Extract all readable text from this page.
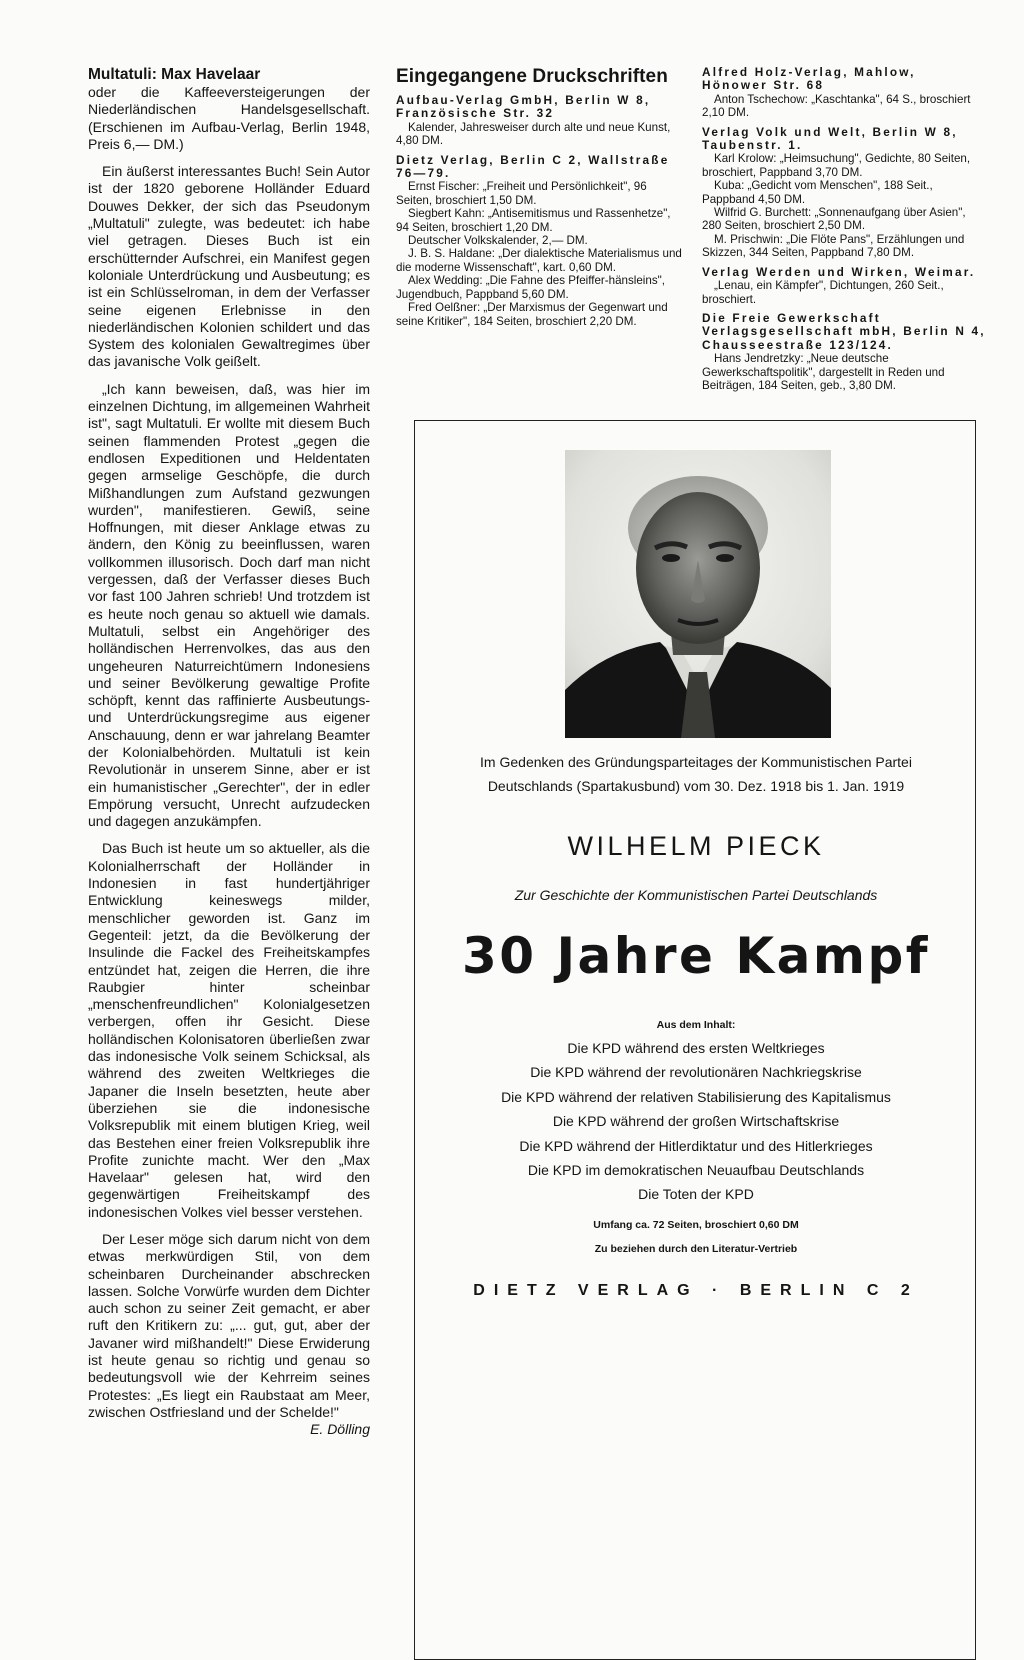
Multatuli: Max Havelaar

oder die Kaffeeversteigerungen der Niederländischen Handelsgesellschaft. (Erschienen im Aufbau-Verlag, Berlin 1948, Preis 6,— DM.)

Ein äußerst interessantes Buch! Sein Autor ist der 1820 geborene Holländer Eduard Douwes Dekker, der sich das Pseudonym „Multatuli" zulegte, was bedeutet: ich habe viel getragen. Dieses Buch ist ein erschütternder Aufschrei, ein Manifest gegen koloniale Unterdrückung und Ausbeutung; es ist ein Schlüsselroman, in dem der Verfasser seine eigenen Erlebnisse in den niederländischen Kolonien schildert und das System des kolonialen Gewaltregimes über das javanische Volk geißelt.

„Ich kann beweisen, daß, was hier im einzelnen Dichtung, im allgemeinen Wahrheit ist", sagt Multatuli. Er wollte mit diesem Buch seinen flammenden Protest „gegen die endlosen Expeditionen und Heldentaten gegen armselige Geschöpfe, die durch Mißhandlungen zum Aufstand gezwungen wurden", manifestieren. Gewiß, seine Hoffnungen, mit dieser Anklage etwas zu ändern, den König zu beeinflussen, waren vollkommen illusorisch. Doch darf man nicht vergessen, daß der Verfasser dieses Buch vor fast 100 Jahren schrieb! Und trotzdem ist es heute noch genau so aktuell wie damals. Multatuli, selbst ein Angehöriger des holländischen Herrenvolkes, das aus den ungeheuren Naturreichtümern Indonesiens und seiner Bevölkerung gewaltige Profite schöpft, kennt das raffinierte Ausbeutungs- und Unterdrückungsregime aus eigener Anschauung, denn er war jahrelang Beamter der Kolonialbehörden. Multatuli ist kein Revolutionär in unserem Sinne, aber er ist ein humanistischer „Gerechter", der in edler Empörung versucht, Unrecht aufzudecken und dagegen anzukämpfen.

Das Buch ist heute um so aktueller, als die Kolonialherrschaft der Holländer in Indonesien in fast hundertjähriger Entwicklung keineswegs milder, menschlicher geworden ist. Ganz im Gegenteil: jetzt, da die Bevölkerung der Insulinde die Fackel des Freiheitskampfes entzündet hat, zeigen die Herren, die ihre Raubgier hinter scheinbar „menschenfreundlichen" Kolonialgesetzen verbergen, offen ihr Gesicht. Diese holländischen Kolonisatoren überließen zwar das indonesische Volk seinem Schicksal, als während des zweiten Weltkrieges die Japaner die Inseln besetzten, heute aber überziehen sie die indonesische Volksrepublik mit einem blutigen Krieg, weil das Bestehen einer freien Volksrepublik ihre Profite zunichte macht. Wer den „Max Havelaar" gelesen hat, wird den gegenwärtigen Freiheitskampf des indonesischen Volkes viel besser verstehen.

Der Leser möge sich darum nicht von dem etwas merkwürdigen Stil, von dem scheinbaren Durcheinander abschrecken lassen. Solche Vorwürfe wurden dem Dichter auch schon zu seiner Zeit gemacht, er aber ruft den Kritikern zu: „... gut, gut, aber der Javaner wird mißhandelt!" Diese Erwiderung ist heute genau so richtig und genau so bedeutungsvoll wie der Kehrreim seines Protestes: „Es liegt ein Raubstaat am Meer, zwischen Ostfriesland und der Schelde!"

E. Dölling

Eingegangene Druckschriften

Aufbau-Verlag GmbH, Berlin W 8, Französische Str. 32

Kalender, Jahresweiser durch alte und neue Kunst, 4,80 DM.

Dietz Verlag, Berlin C 2, Wallstraße 76—79.

Ernst Fischer: „Freiheit und Persönlichkeit", 96 Seiten, broschiert 1,50 DM.

Siegbert Kahn: „Antisemitismus und Rassenhetze", 94 Seiten, broschiert 1,20 DM.

Deutscher Volkskalender, 2,— DM.

J. B. S. Haldane: „Der dialektische Materialismus und die moderne Wissenschaft", kart. 0,60 DM.

Alex Wedding: „Die Fahne des Pfeiffer-hänsleins", Jugendbuch, Pappband 5,60 DM.

Fred Oelßner: „Der Marxismus der Gegenwart und seine Kritiker", 184 Seiten, broschiert 2,20 DM.

Alfred Holz-Verlag, Mahlow, Hönower Str. 68

Anton Tschechow: „Kaschtanka", 64 S., broschiert 2,10 DM.

Verlag Volk und Welt, Berlin W 8, Taubenstr. 1.

Karl Krolow: „Heimsuchung", Gedichte, 80 Seiten, broschiert, Pappband 3,70 DM.

Kuba: „Gedicht vom Menschen", 188 Seit., Pappband 4,50 DM.

Wilfrid G. Burchett: „Sonnenaufgang über Asien", 280 Seiten, broschiert 2,50 DM.

M. Prischwin: „Die Flöte Pans", Erzählungen und Skizzen, 344 Seiten, Pappband 7,80 DM.

Verlag Werden und Wirken, Weimar.

„Lenau, ein Kämpfer", Dichtungen, 260 Seit., broschiert.

Die Freie Gewerkschaft Verlagsgesellschaft mbH, Berlin N 4, Chausseestraße 123/124.

Hans Jendretzky: „Neue deutsche Gewerkschaftspolitik", dargestellt in Reden und Beiträgen, 184 Seiten, geb., 3,80 DM.

Im Gedenken des Gründungsparteitages der Kommunistischen Partei
Deutschlands (Spartakusbund) vom 30. Dez. 1918 bis 1. Jan. 1919
WILHELM PIECK
Zur Geschichte der Kommunistischen Partei Deutschlands
30 Jahre Kampf
Aus dem Inhalt:
Die KPD während des ersten Weltkrieges
Die KPD während der revolutionären Nachkriegskrise
Die KPD während der relativen Stabilisierung des Kapitalismus
Die KPD während der großen Wirtschaftskrise
Die KPD während der Hitlerdiktatur und des Hitlerkrieges
Die KPD im demokratischen Neuaufbau Deutschlands
Die Toten der KPD
Umfang ca. 72 Seiten, broschiert 0,60 DM
Zu beziehen durch den Literatur-Vertrieb
DIETZ VERLAG · BERLIN C 2
